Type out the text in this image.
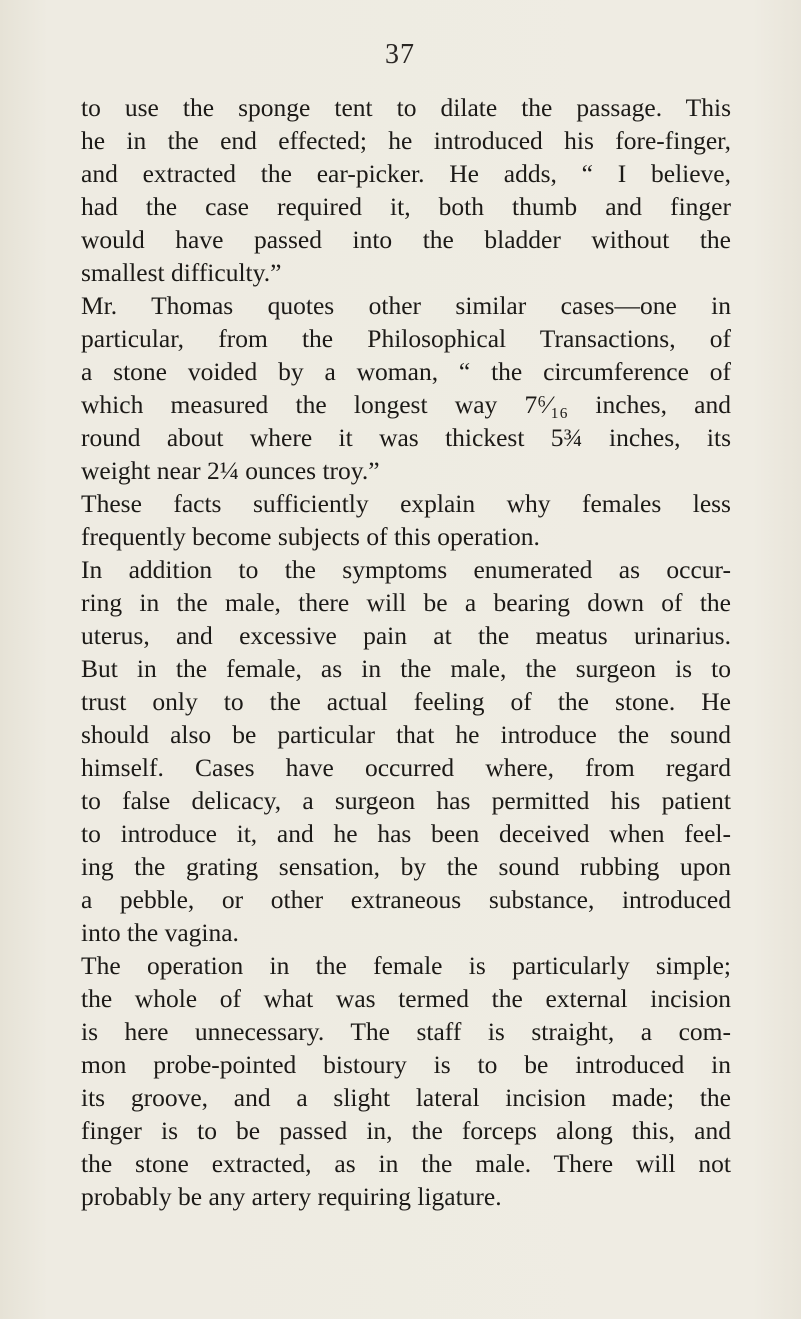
37
to use the sponge tent to dilate the passage. This
he in the end effected; he introduced his fore-finger,
and extracted the ear-picker. He adds, “ I believe,
had the case required it, both thumb and finger
would have passed into the bladder without the
smallest difficulty.”
Mr. Thomas quotes other similar cases—one in
particular, from the Philosophical Transactions, of
a stone voided by a woman, “ the circumference of
which measured the longest way 7⁶⁄₁₆ inches, and
round about where it was thickest 5¾ inches, its
weight near 2¼ ounces troy.”
These facts sufficiently explain why females less
frequently become subjects of this operation.
In addition to the symptoms enumerated as occur-
ring in the male, there will be a bearing down of the
uterus, and excessive pain at the meatus urinarius.
But in the female, as in the male, the surgeon is to
trust only to the actual feeling of the stone. He
should also be particular that he introduce the sound
himself. Cases have occurred where, from regard
to false delicacy, a surgeon has permitted his patient
to introduce it, and he has been deceived when feel-
ing the grating sensation, by the sound rubbing upon
a pebble, or other extraneous substance, introduced
into the vagina.
The operation in the female is particularly simple;
the whole of what was termed the external incision
is here unnecessary. The staff is straight, a com-
mon probe-pointed bistoury is to be introduced in
its groove, and a slight lateral incision made; the
finger is to be passed in, the forceps along this, and
the stone extracted, as in the male. There will not
probably be any artery requiring ligature.
